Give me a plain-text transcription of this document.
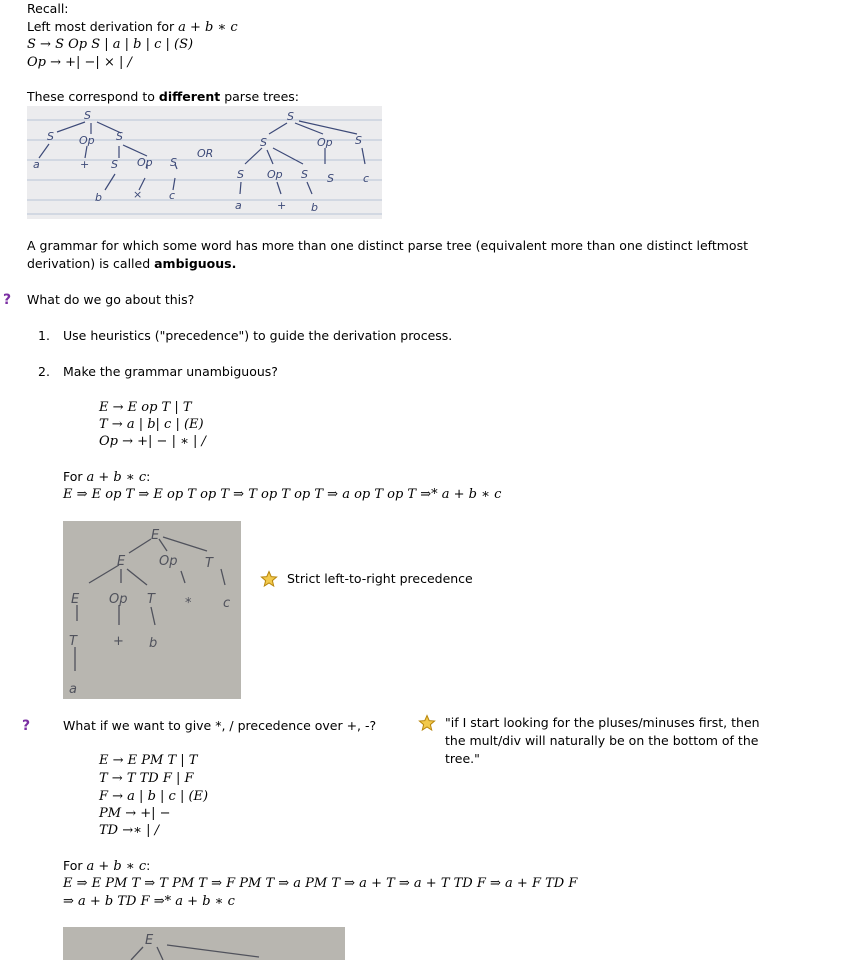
Recall:
Left most derivation for a + b ∗ c
S → S Op S | a | b | c | (S)
Op → +| −| × | /
These correspond to different parse trees:
S
S Op S
a	+ S Op S
b	× c
OR
S
S	Op S
S Op S S	c
a	+ b
A grammar for which some word has more than one distinct parse tree (equivalent more than one distinct leftmost
derivation) is called ambiguous.
? What do we go about this?
1. Use heuristics ("precedence") to guide the derivation process.
2. Make the grammar unambiguous?
E → E op T | T
T → a | b| c | (E)
Op → +| − | ∗ | /
For a + b ∗ c:
E ⇒ E op T ⇒ E op T op T ⇒ T op T op T ⇒ a op T op T ⇒* a + b ∗ c
E
E	Op T
E Op T * c
T	+ b
a
Strict left-to-right precedence
?	What if we want to give *, / precedence over +, -?	"if I start looking for the pluses/minuses first, then
the mult/div will naturally be on the bottom of the
tree."
E → E PM T | T
T → T TD F | F
F → a | b | c | (E)
PM → +| −
TD →∗ | /
For a + b ∗ c:
E ⇒ E PM T ⇒ T PM T ⇒ F PM T ⇒ a PM T ⇒ a + T ⇒ a + T TD F ⇒ a + F TD F
⇒ a + b TD F ⇒* a + b ∗ c
E
